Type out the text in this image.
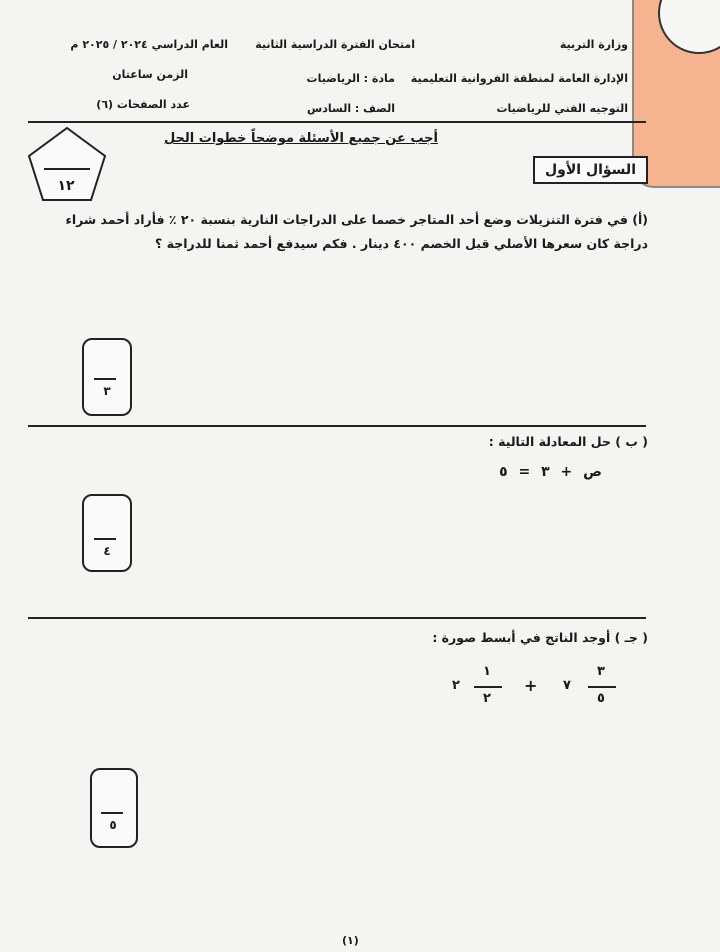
وزارة التربية
الإدارة العامة لمنطقة الفروانية التعليمية
التوجيه الفني للرياضيات
امتحان الفترة الدراسية الثانية
مادة : الرياضيات
الصف : السادس
العام الدراسي ٢٠٢٤ / ٢٠٢٥ م
الزمن ساعتان
عدد الصفحات (٦)
أجب عن جميع الأسئلة موضحاً خطوات الحل
١٢
السؤال الأول
(أ) في فترة التنزيلات وضع أحد المتاجر خصما على الدراجات النارية بنسبة ٢٠ ٪ فأراد أحمد شراء
دراجة كان سعرها الأصلي قبل الخصم ٤٠٠ دينار . فكم سيدفع أحمد ثمنا للدراجة ؟
٣
( ب ) حل المعادلة التالية :
ص + ٣ = ٥
٤
( جـ ) أوجد الناتج في أبسط صورة :
٧
٣
٥
+
٢
١
٢
٥
(١)
